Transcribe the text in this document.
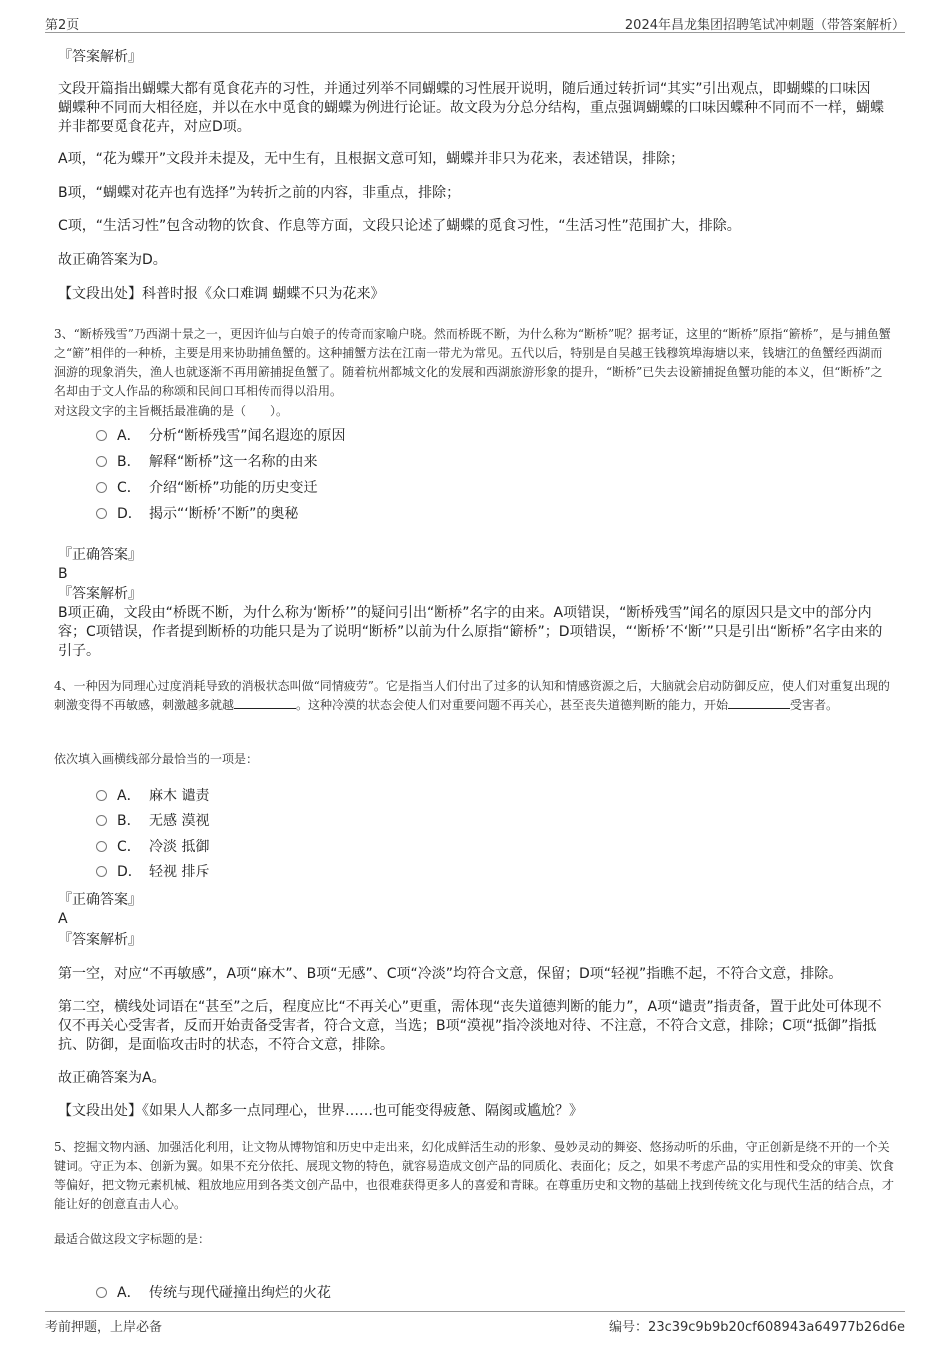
第2页	2024年昌龙集团招聘笔试冲刺题（带答案解析）
『答案解析』
文段开篇指出蝴蝶大都有觅食花卉的习性，并通过列举不同蝴蝶的习性展开说明，随后通过转折词“其实”引出观点，即蝴蝶的口味因蝴蝶种不同而大相径庭，并以在水中觅食的蝴蝶为例进行论证。故文段为分总分结构，重点强调蝴蝶的口味因蝶种不同而不一样，蝴蝶并非都要觅食花卉，对应D项。
A项，“花为蝶开”文段并未提及，无中生有，且根据文意可知，蝴蝶并非只为花来，表述错误，排除；
B项，“蝴蝶对花卉也有选择”为转折之前的内容，非重点，排除；
C项，“生活习性”包含动物的饮食、作息等方面，文段只论述了蝴蝶的觅食习性，“生活习性”范围扩大，排除。
故正确答案为D。
【文段出处】科普时报《众口难调 蝴蝶不只为花来》
3、“断桥残雪”乃西湖十景之一，更因许仙与白娘子的传奇而家喻户晓。然而桥既不断，为什么称为“断桥”呢？据考证，这里的“断桥”原指“簖桥”，是与捕鱼蟹之“簖”相伴的一种桥，主要是用来协助捕鱼蟹的。这种捕蟹方法在江南一带尤为常见。五代以后，特别是自吴越王钱穆筑埠海塘以来，钱塘江的鱼蟹经西湖而洄游的现象消失，渔人也就逐渐不再用簖捕捉鱼蟹了。随着杭州都城文化的发展和西湖旅游形象的提升，“断桥”已失去设簖捕捉鱼蟹功能的本义，但“断桥”之名却由于文人作品的称颂和民间口耳相传而得以沿用。
对这段文字的主旨概括最准确的是（　　）。
A． 分析“断桥残雪”闻名遐迩的原因
B． 解释“断桥”这一名称的由来
C． 介绍“断桥”功能的历史变迁
D． 揭示“‘断桥’不断”的奥秘
『正确答案』
B
『答案解析』
B项正确，文段由“桥既不断，为什么称为‘断桥’”的疑问引出“断桥”名字的由来。A项错误，“断桥残雪”闻名的原因只是文中的部分内容；C项错误，作者提到断桥的功能只是为了说明“断桥”以前为什么原指“簖桥”；D项错误，“‘断桥’不‘断’”只是引出“断桥”名字由来的引子。
4、一种因为同理心过度消耗导致的消极状态叫做“同情疲劳”。它是指当人们付出了过多的认知和情感资源之后，大脑就会启动防御反应，使人们对重复出现的刺激变得不再敏感，刺激越多就越	。这种冷漠的状态会使人们对重要问题不再关心，甚至丧失道德判断的能力，开始	受害者。
依次填入画横线部分最恰当的一项是：
A． 麻木 谴责
B． 无感 漠视
C． 冷淡 抵御
D． 轻视 排斥
『正确答案』
A
『答案解析』
第一空，对应“不再敏感”，A项“麻木”、B项“无感”、C项“冷淡”均符合文意，保留；D项“轻视”指瞧不起，不符合文意，排除。
第二空，横线处词语在“甚至”之后，程度应比“不再关心”更重，需体现“丧失道德判断的能力”，A项“谴责”指责备，置于此处可体现不仅不再关心受害者，反而开始责备受害者，符合文意，当选；B项“漠视”指冷淡地对待、不注意，不符合文意，排除；C项“抵御”指抵抗、防御，是面临攻击时的状态，不符合文意，排除。
故正确答案为A。
【文段出处】《如果人人都多一点同理心，世界……也可能变得疲惫、隔阂或尴尬？》
5、挖掘文物内涵、加强活化利用，让文物从博物馆和历史中走出来，幻化成鲜活生动的形象、曼妙灵动的舞姿、悠扬动听的乐曲，守正创新是绕不开的一个关键词。守正为本、创新为翼。如果不充分依托、展现文物的特色，就容易造成文创产品的同质化、表面化；反之，如果不考虑产品的实用性和受众的审美、饮食等偏好，把文物元素机械、粗放地应用到各类文创产品中，也很难获得更多人的喜爱和青睐。在尊重历史和文物的基础上找到传统文化与现代生活的结合点，才能让好的创意直击人心。
最适合做这段文字标题的是：
A． 传统与现代碰撞出绚烂的火花
考前押题，上岸必备	编号：23c39c9b9b20cf608943a64977b26d6e
